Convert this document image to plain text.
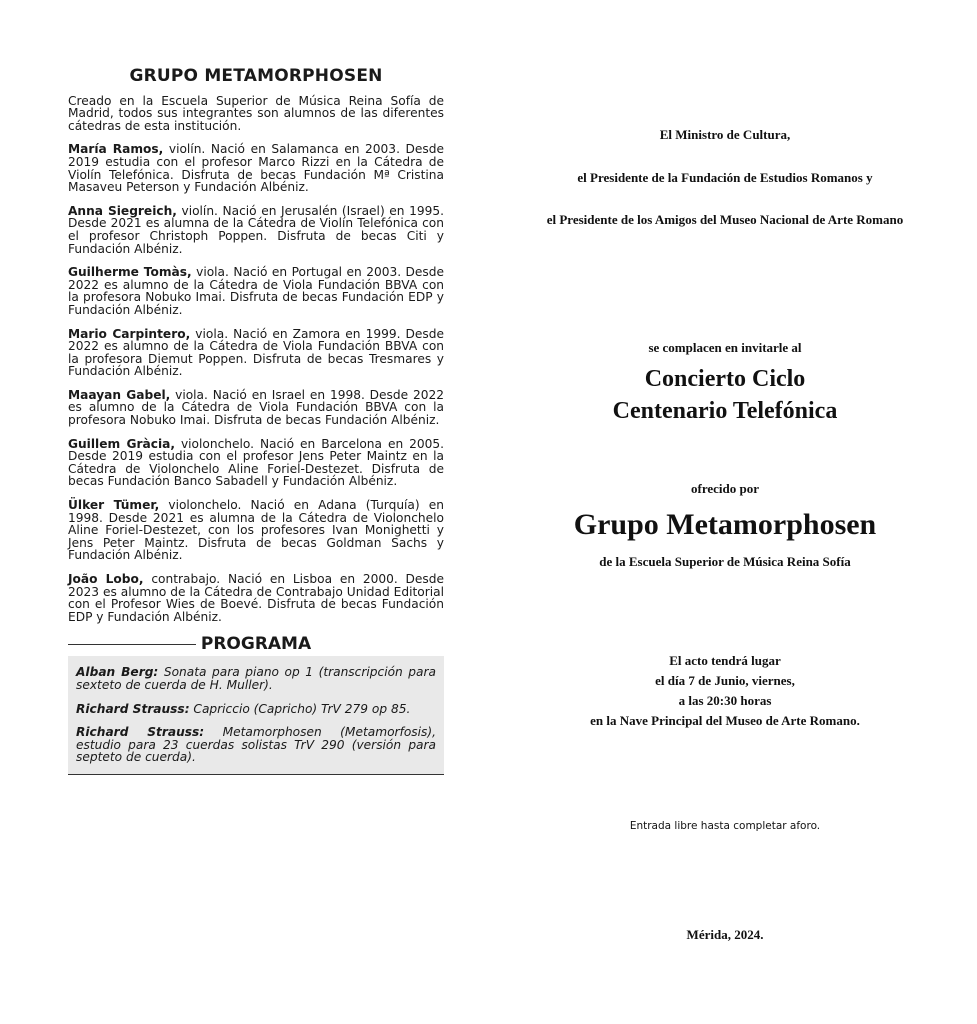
GRUPO METAMORPHOSEN

Creado en la Escuela Superior de Música Reina Sofía de Madrid, todos sus integrantes son alumnos de las diferentes cátedras de esta institución.

María Ramos, violín. Nació en Salamanca en 2003. Desde 2019 estudia con el profesor Marco Rizzi en la Cátedra de Violín Telefónica. Disfruta de becas Fundación Mª Cristina Masaveu Peterson y Fundación Albéniz.

Anna Siegreich, violín. Nació en Jerusalén (Israel) en 1995. Desde 2021 es alumna de la Cátedra de Violín Telefónica con el profesor Christoph Poppen. Disfruta de becas Citi y Fundación Albéniz.

Guilherme Tomàs, viola. Nació en Portugal en 2003. Desde 2022 es alumno de la Cátedra de Viola Fundación BBVA con la profesora Nobuko Imai. Disfruta de becas Fundación EDP y Fundación Albéniz.

Mario Carpintero, viola. Nació en Zamora en 1999. Desde 2022 es alumno de la Cátedra de Viola Fundación BBVA con la profesora Diemut Poppen. Disfruta de becas Tresmares y Fundación Albéniz.

Maayan Gabel, viola. Nació en Israel en 1998. Desde 2022 es alumno de la Cátedra de Viola Fundación BBVA con la profesora Nobuko Imai. Disfruta de becas Fundación Albéniz.

Guillem Gràcia, violonchelo. Nació en Barcelona en 2005. Desde 2019 estudia con el profesor Jens Peter Maintz en la Cátedra de Violonchelo Aline Foriel-Destezet. Disfruta de becas Fundación Banco Sabadell y Fundación Albéniz.

Ülker Tümer, violonchelo. Nació en Adana (Turquía) en 1998. Desde 2021 es alumna de la Cátedra de Violonchelo Aline Foriel-Destezet, con los profesores Ivan Monighetti y Jens Peter Maintz. Disfruta de becas Goldman Sachs y Fundación Albéniz.

João Lobo, contrabajo. Nació en Lisboa en 2000. Desde 2023 es alumno de la Cátedra de Contrabajo Unidad Editorial con el Profesor Wies de Boevé. Disfruta de becas Fundación EDP y Fundación Albéniz.

PROGRAMA

Alban Berg: Sonata para piano op 1 (transcripción para sexteto de cuerda de H. Muller).

Richard Strauss: Capriccio (Capricho) TrV 279 op 85.

Richard Strauss: Metamorphosen (Metamorfosis), estudio para 23 cuerdas solistas TrV 290 (versión para septeto de cuerda).

El Ministro de Cultura,

el Presidente de la Fundación de Estudios Romanos y

el Presidente de los Amigos del Museo Nacional de Arte Romano

se complacen en invitarle al

Concierto Ciclo

Centenario Telefónica

ofrecido por

Grupo Metamorphosen

de la Escuela Superior de Música Reina Sofía

El acto tendrá lugar

el día 7 de Junio, viernes,

a las 20:30 horas

en la Nave Principal del Museo de Arte Romano.

Entrada libre hasta completar aforo.

Mérida, 2024.
